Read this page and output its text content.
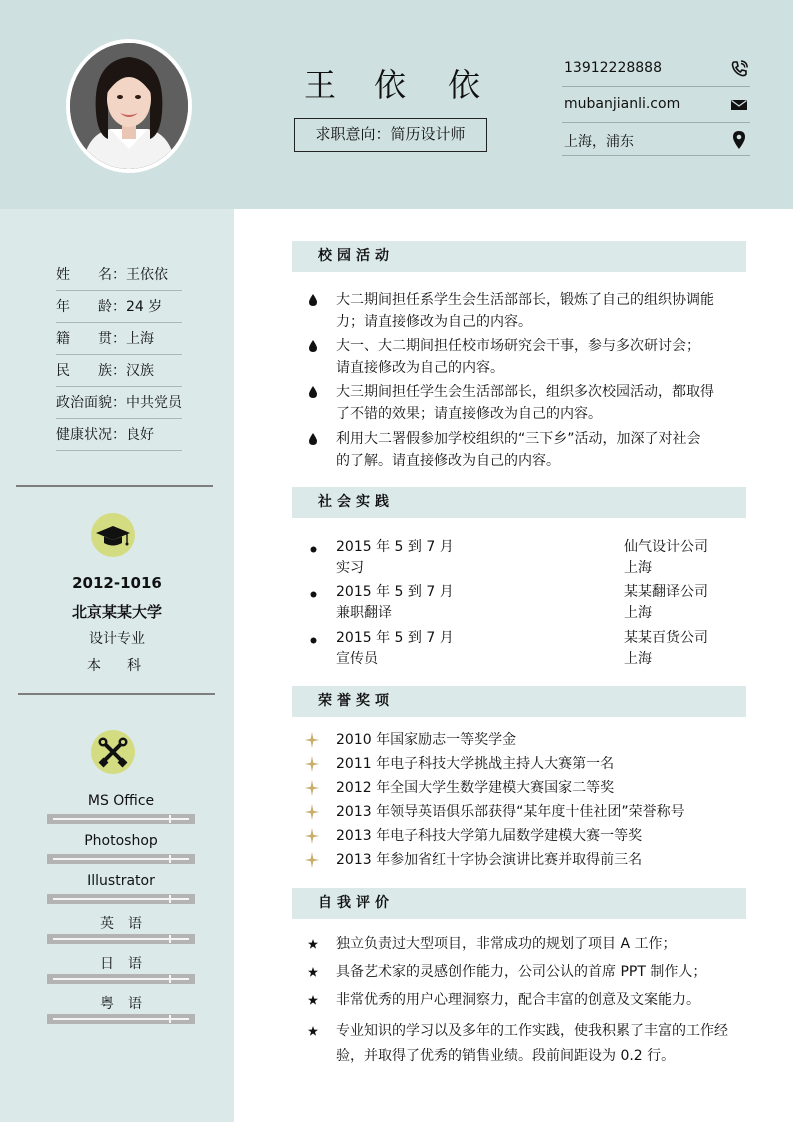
王 依 依
求职意向：简历设计师
13912228888
mubanjianli.com
上海，浦东
姓　　名：王依依
年　　龄：24 岁
籍　　贯：上海
民　　族：汉族
政治面貌：中共党员
健康状况：良好
2012-1016
北京某某大学
设计专业
本　科
MS Office
Photoshop
Illustrator
英　语
日　语
粤　语
校园活动
大二期间担任系学生会生活部部长，锻炼了自己的组织协调能
力；请直接修改为自己的内容。
大一、大二期间担任校市场研究会干事，参与多次研讨会；
请直接修改为自己的内容。
大三期间担任学生会生活部部长，组织多次校园活动，都取得
了不错的效果；请直接修改为自己的内容。
利用大二署假参加学校组织的“三下乡”活动，加深了对社会
的了解。请直接修改为自己的内容。
社会实践
2015 年 5 到 7 月
实习
仙气设计公司
上海
2015 年 5 到 7 月
兼职翻译
某某翻译公司
上海
2015 年 5 到 7 月
宣传员
某某百货公司
上海
荣誉奖项
2010 年国家励志一等奖学金
2011 年电子科技大学挑战主持人大赛第一名
2012 年全国大学生数学建模大赛国家二等奖
2013 年领导英语俱乐部获得“某年度十佳社团”荣誉称号
2013 年电子科技大学第九届数学建模大赛一等奖
2013 年参加省红十字协会演讲比赛并取得前三名
自我评价
独立负责过大型项目，非常成功的规划了项目 A 工作；
具备艺术家的灵感创作能力，公司公认的首席 PPT 制作人；
非常优秀的用户心理洞察力，配合丰富的创意及文案能力。
专业知识的学习以及多年的工作实践，使我积累了丰富的工作经
验，并取得了优秀的销售业绩。段前间距设为 0.2 行。
